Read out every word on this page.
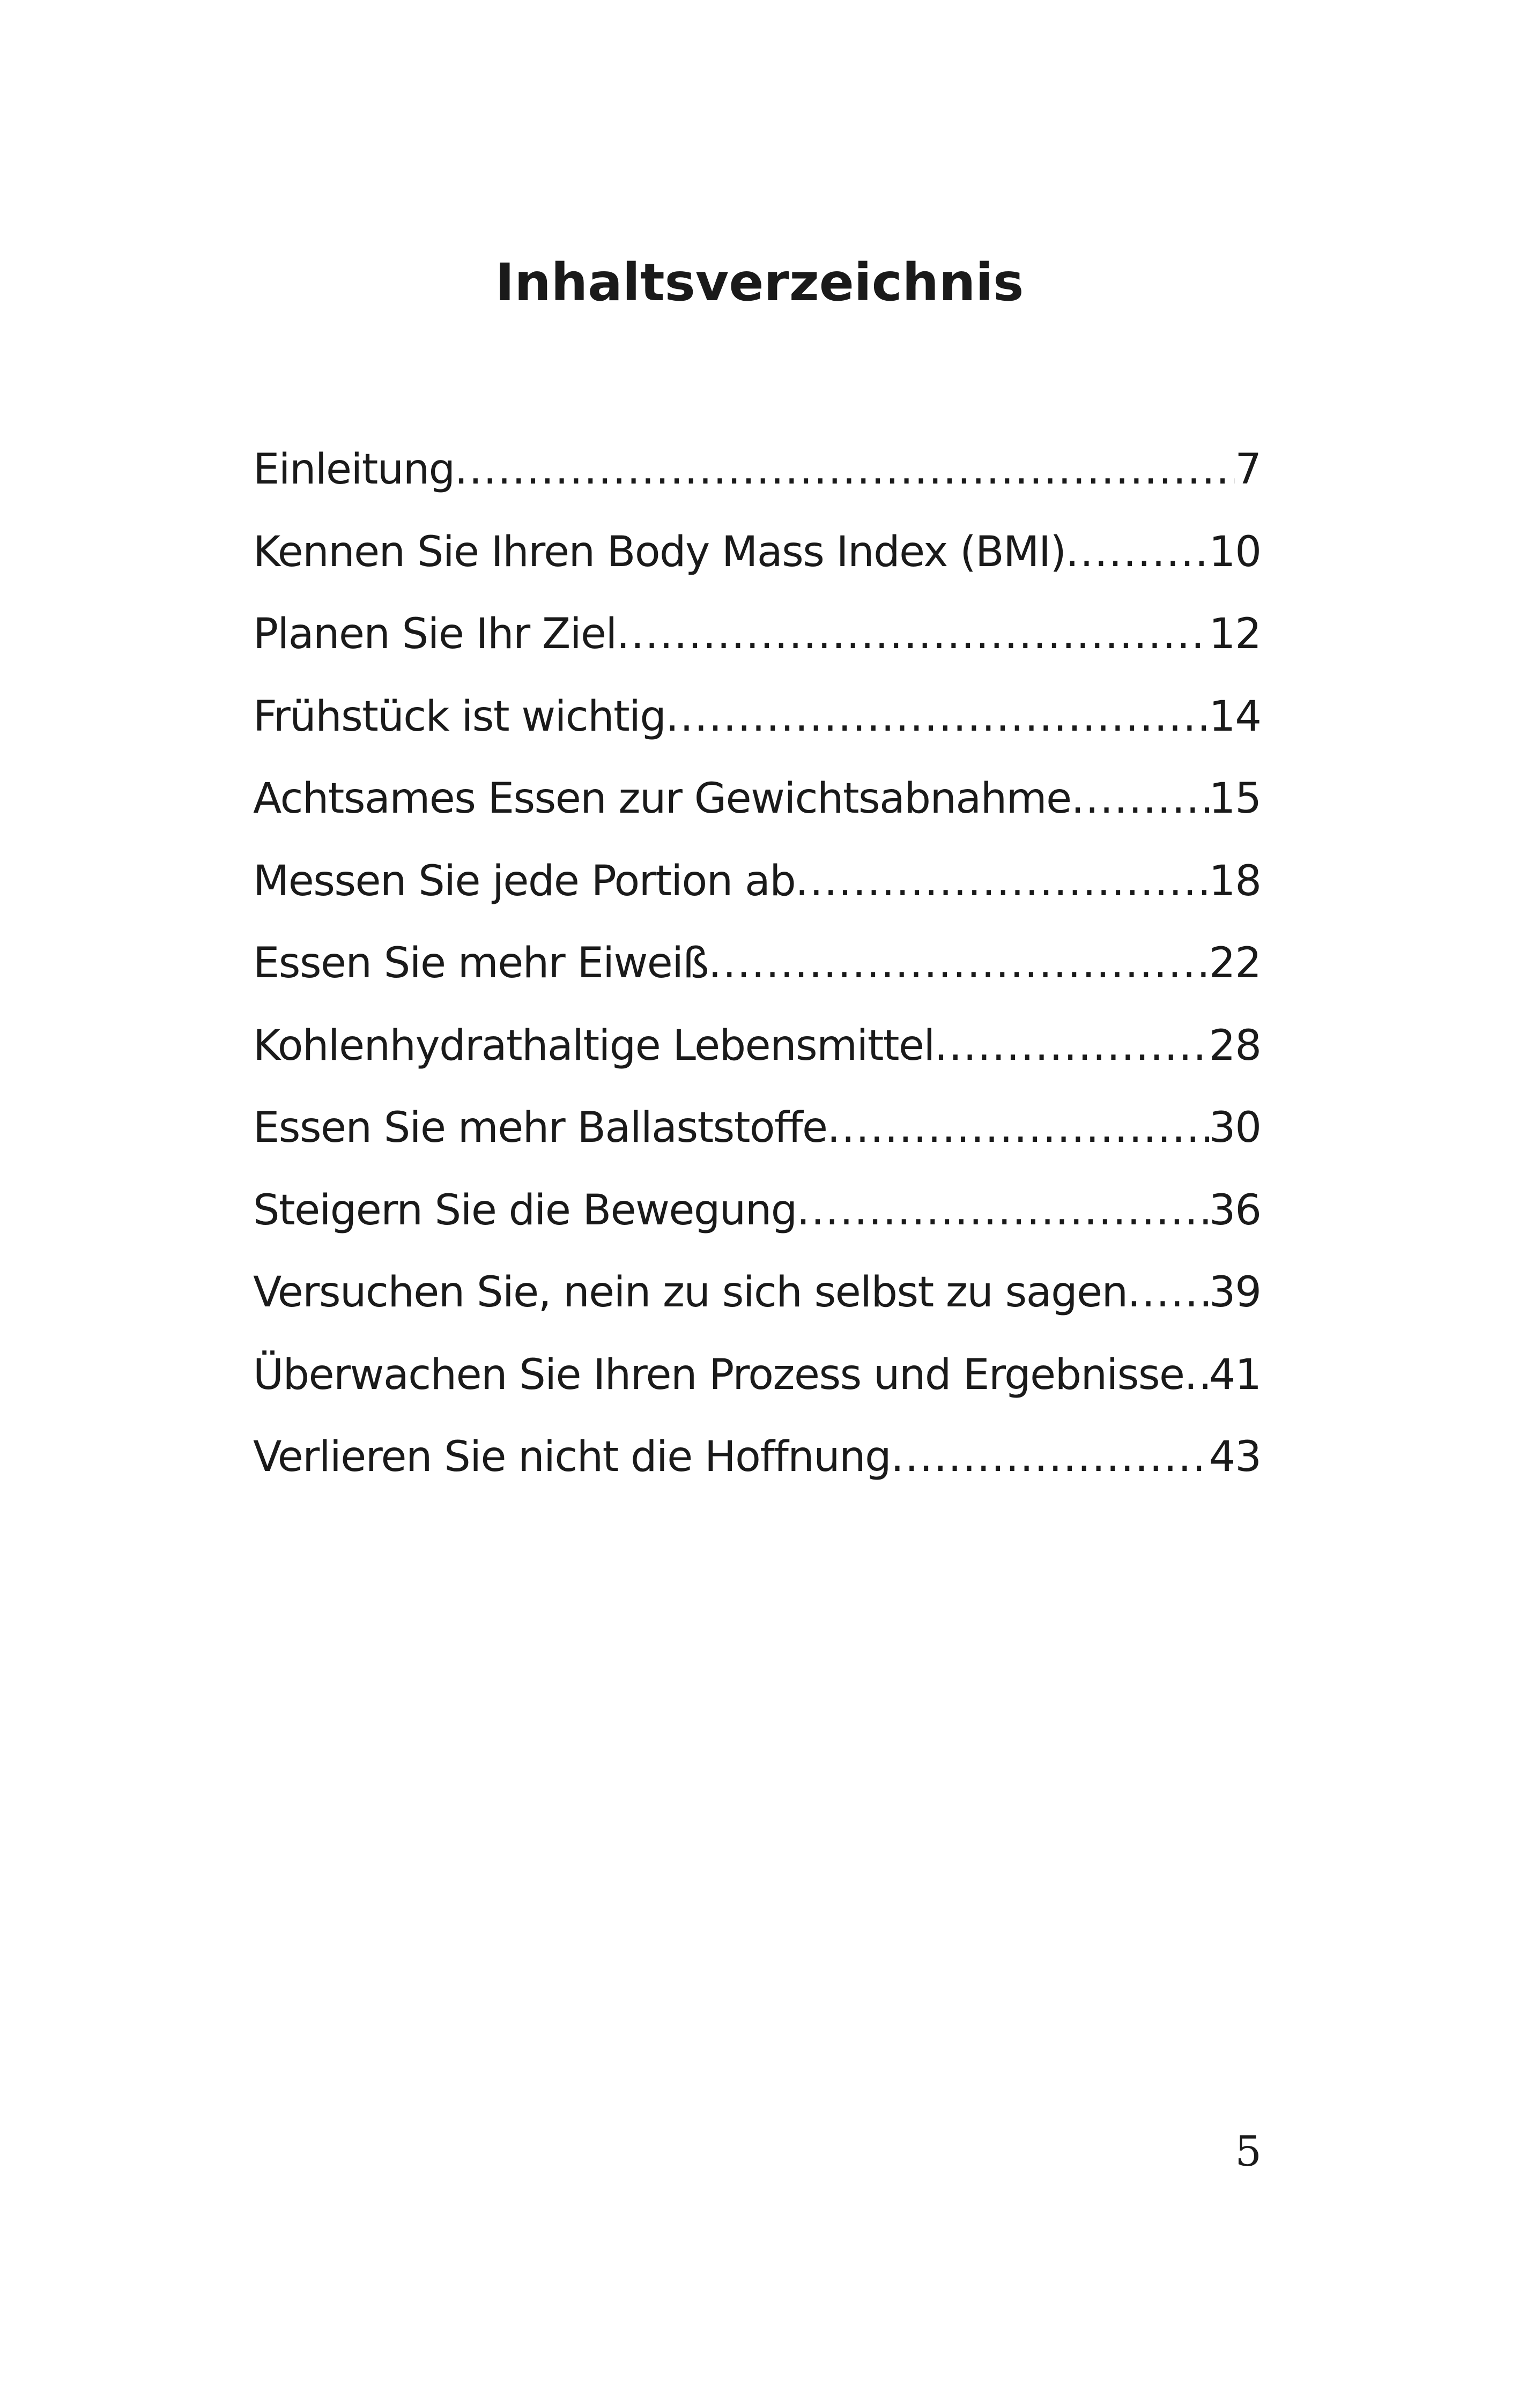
Inhaltsverzeichnis
Einleitung .....	7
Kennen Sie Ihren Body Mass Index (BMI) .....	10
Planen Sie Ihr Ziel .....	12
Frühstück ist wichtig .....	14
Achtsames Essen zur Gewichtsabnahme .....	15
Messen Sie jede Portion ab .....	18
Essen Sie mehr Eiweiß .....	22
Kohlenhydrathaltige Lebensmittel .....	28
Essen Sie mehr Ballaststoffe .....	30
Steigern Sie die Bewegung .....	36
Versuchen Sie, nein zu sich selbst zu sagen ..... 39
Überwachen Sie Ihren Prozess und Ergebnisse ..... 41
Verlieren Sie nicht die Hoffnung .....	43

5
